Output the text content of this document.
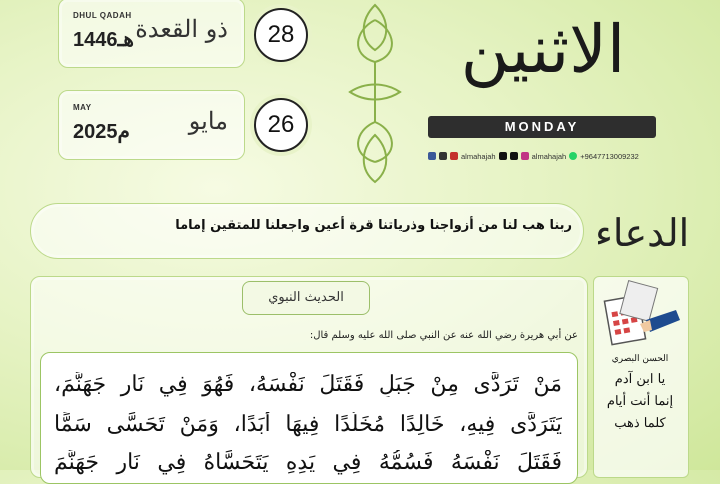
DHUL QADAH
1446هـ ذو القعدة	28
MAY
2025م مايو	26
الاثنين
MONDAY
almahajah	almahajah +9647713009232
الدعاء
ربنا هب لنا من أزواجنا وذرياتنا قرة أعين واجعلنا للمتقين إماما
الحديث النبوي
عن أبي هريرة رضي الله عنه عن النبي صلى الله عليه وسلم قال:
مَنْ تَرَدَّى مِنْ جَبَلٍ فَقَتَلَ نَفْسَهُ، فَهُوَ فِي نَارِ جَهَنَّمَ،
يَتَرَدَّى فِيهِ، خَالِدًا مُخَلَّدًا فِيهَا أَبَدًا، وَمَنْ تَحَسَّى سَمًّا
فَقَتَلَ نَفْسَهُ فَسُمُّهُ فِي يَدِهِ يَتَحَسَّاهُ فِي نَارِ جَهَنَّمَ
الحسن البصري
يا ابن آدم
إنما أنت أيام
كلما ذهب
